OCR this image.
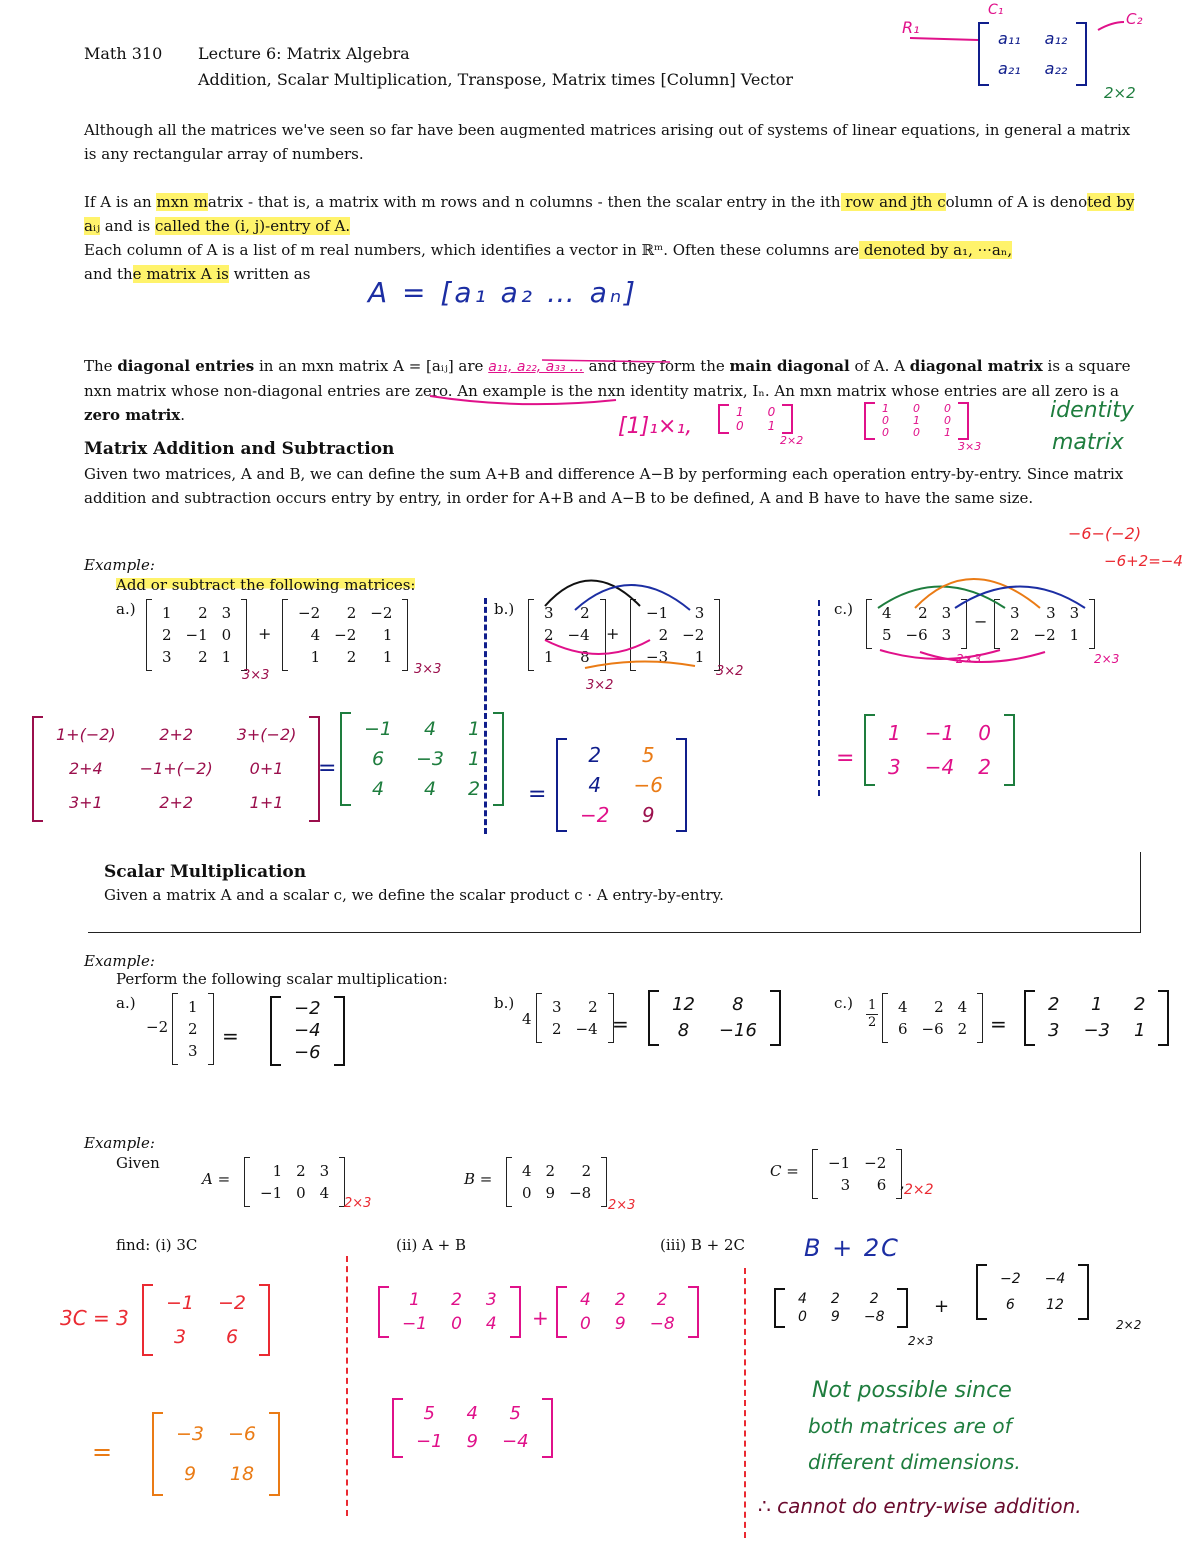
Math 310 Lecture 6: Matrix Algebra
Addition, Scalar Multiplication, Transpose, Matrix times [Column] Vector
R₁
C₁	C₂
a₁₁	a₁₂
a₂₁	a₂₂
2×2
Although all the matrices we've seen so far have been augmented matrices arising out of systems of linear equations, in general a matrix is any rectangular array of numbers.
If A is an mxn matrix - that is, a matrix with m rows and n columns - then the scalar entry in the ith row and jth column of A is denoted by aᵢⱼ and is called the (i, j)-entry of A.
Each column of A is a list of m real numbers, which identifies a vector in ℝᵐ. Often these columns are denoted by a₁, ···aₙ,
and the matrix A is written as
A = [a₁ a₂ … aₙ]
The diagonal entries in an mxn matrix A = [aᵢⱼ] are a₁₁, a₂₂, a₃₃ … and they form the main diagonal of A. A diagonal matrix is a square nxn matrix whose non-diagonal entries are zero. An example is the nxn identity matrix, Iₙ. An mxn matrix whose entries are all zero is a zero matrix.	[1]₁×₁,
1	0
0	1
2×2
1	0	0
0	1	0
0	0	1
3×3
identity
matrix
Matrix Addition and Subtraction
Given two matrices, A and B, we can define the sum A+B and difference A−B by performing each operation entry-by-entry. Since matrix addition and subtraction occurs entry by entry, in order for A+B and A−B to be defined, A and B have to have the same size.
−6−(−2)
−6+2=−4
Example:
Add or subtract the following matrices:
a.) 1	2	3
2	−1	0
3	2	1
+
−2	2	−2
4	−2	1
1	2	1
3×3	3×3
b.) 3	2
2	−4
1	8
+
−1	3
2	−2
−3	1
3×2
3×2
c.) 4	2	3
5	−6	3
− 3	3	3
2	−2	1
2×3	2×3
1+(−2)	2+2	3+(−2)
2+4	−1+(−2)	0+1
3+1	2+2	1+1
=
−1	4	1
6	−3	1
4	4	2 =
2	5
4	−6
−2	9
=
1	−1	0
3	−4	2
Scalar Multiplication
Given a matrix A and a scalar c, we define the scalar product c · A entry-by-entry.
Example:
Perform the following scalar multiplication:
a.)
−2
1
2
3
=
−2
−4
−6
b.)
4
3	2
2	−4 =
12	8
8	−16
c.) 1
2
4	2	4
6	−6	2 =
2	1	2
3	−3	1
Example:
Given
A =	1	2	3
−1	0	4
2×3
B = 4	2	2
0	9	−8
2×3
C = −1	−2
3	6 , 2×2
find: (i) 3C	(ii) A + B	(iii) B + 2C
3C = 3
−1	−2
3	6
=
−3	−6
9	18
1	2	3
−1	0	4 +
4	2	2
0	9	−8
5	4	5
−1	9	−4
B + 2C
4	2	2
0	9	−8	+
2×3
−2	−4
6	12
2×2
Not possible since
both matrices are of
different dimensions.
∴ cannot do entry-wise addition.
